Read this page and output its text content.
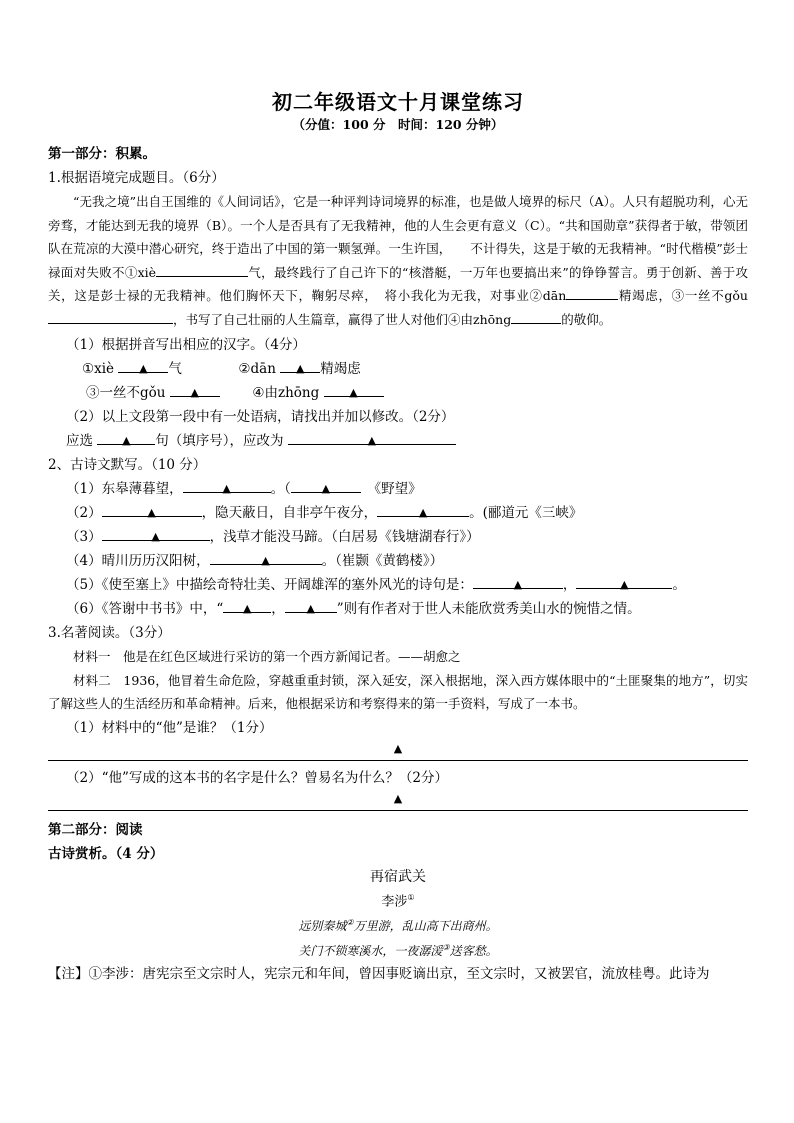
初二年级语文十月课堂练习
（分值：100 分　时间：120 分钟）
第一部分：积累。
1.根据语境完成题目。（6分）

“无我之境”出自王国维的《人间词话》，它是一种评判诗词境界的标准，也是做人境界的标尺（A）。人只有超脱功利，心无旁骛，才能达到无我的境界（B）。一个人是否具有了无我精神，他的人生会更有意义（C）。“共和国勋章”获得者于敏，带领团队在荒凉的大漠中潜心研究，终于造出了中国的第一颗氢弹。一生许国，　　不计得失，这是于敏的无我精神。“时代楷模”彭士禄面对失败不①xiè	气，最终践行了自己许下的“核潜艇，一万年也要搞出来”的铮铮誓言。勇于创新、善于攻关，这是彭士禄的无我精神。他们胸怀天下，鞠躬尽瘁，　将小我化为无我，对事业②dān	精竭虑，③一丝不gǒu，书写了自己壮丽的人生篇章，赢得了世人对他们④由zhōng	的敬仰。

（1）根据拼音写出相应的汉字。（4分）
①xiè ▲ 气	②dān ▲ 精竭虑
③一丝不gǒu ▲	④由zhōng	▲
（2）以上文段第一段中有一处语病，请找出并加以修改。（2分）
应选	▲ 句（填序号），应改为	▲
2、古诗文默写。（10 分）
（1）东皋薄暮望，	▲	。（	▲　	《野望》
（2）	▲	，隐天蔽日，自非亭午夜分，	▲	。(郦道元《三峡》
（3）	▲	，浅草才能没马蹄。（白居易《钱塘湖春行》）
（4）晴川历历汉阳树，	▲	。（崔颢《黄鹤楼》）
（5）《使至塞上》中描绘奇特壮美、开阔雄浑的塞外风光的诗句是：	▲	，	▲	。
（6）《答谢中书书》中，“ ▲ ， ▲ ”则有作者对于世人未能欣赏秀美山水的惋惜之情。
3.名著阅读。（3分）

材料一　他是在红色区域进行采访的第一个西方新闻记者。——胡愈之

材料二　1936，他冒着生命危险，穿越重重封锁，深入延安，深入根据地，深入西方媒体眼中的“土匪聚集的地方”，切实了解这些人的生活经历和革命精神。后来，他根据采访和考察得来的第一手资料，写成了一本书。

（1）材料中的“他”是谁？（1分）
▲
（2）“他”写成的这本书的名字是什么？曾易名为什么？（2分）
▲
第二部分：阅读
古诗赏析。（4 分）
再宿武关
李涉①
远别秦城②万里游，乱山高下出商州。
关门不锁寒溪水，一夜潺湲③送客愁。
【注】①李涉：唐宪宗至文宗时人，宪宗元和年间，曾因事贬谪出京，至文宗时，又被罢官，流放桂粤。此诗为
